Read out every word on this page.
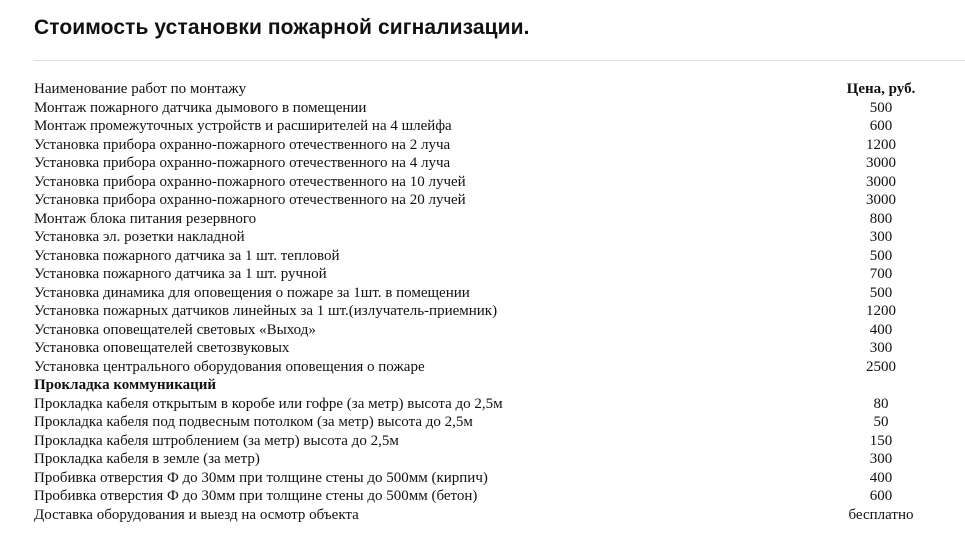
Стоимость установки пожарной сигнализации.
Наименование работ по монтажу	Цена, руб.
Монтаж пожарного датчика дымового в помещении	500
Монтаж промежуточных устройств и расширителей на 4 шлейфа	600
Установка прибора охранно-пожарного отечественного на 2 луча	1200
Установка прибора охранно-пожарного отечественного на 4 луча	3000
Установка прибора охранно-пожарного отечественного на 10 лучей	3000
Установка прибора охранно-пожарного отечественного на 20 лучей	3000
Монтаж блока питания резервного	800
Установка эл. розетки накладной	300
Установка пожарного датчика за 1 шт. тепловой	500
Установка пожарного датчика за 1 шт. ручной	700
Установка динамика для оповещения о пожаре за 1шт. в помещении	500
Установка пожарных датчиков линейных за 1 шт.(излучатель-приемник)	1200
Установка оповещателей световых «Выход»	400
Установка оповещателей светозвуковых	300
Установка центрального оборудования оповещения о пожаре	2500
Прокладка коммуникаций	
Прокладка кабеля открытым в коробе или гофре (за метр) высота до 2,5м	80
Прокладка кабеля под подвесным потолком (за метр) высота до 2,5м	50
Прокладка кабеля штроблением (за метр) высота до 2,5м	150
Прокладка кабеля в земле (за метр)	300
Пробивка отверстия Ф до 30мм при толщине стены до 500мм (кирпич)	400
Пробивка отверстия Ф до 30мм при толщине стены до 500мм (бетон)	600
Доставка оборудования и выезд на осмотр объекта	бесплатно
